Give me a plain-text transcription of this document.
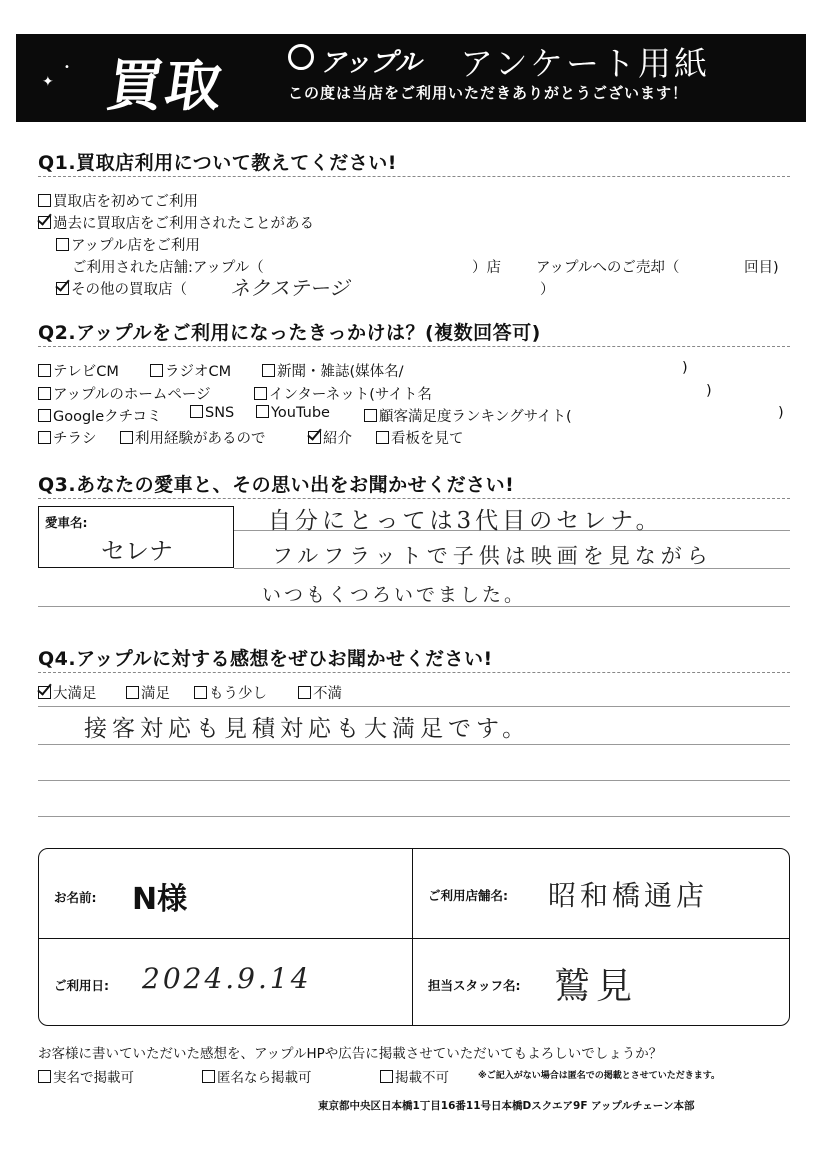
✦
• 買取	アップル アンケート用紙
この度は当店をご利用いただきありがとうございます！
Q1.買取店利用について教えてください!
買取店を初めてご利用
過去に買取店をご利用されたことがある
アップル店をご利用
ご利用された店舗:アップル（	）店 アップルへのご売却（	回目)
その他の買取店（ ネクステージ	）
Q2.アップルをご利用になったきっかけは？(複数回答可)
テレビCM	ラジオCM	新聞・雑誌(媒体名/	)
アップルのホームページ	インターネット(サイト名	)
Googleクチコミ	SNS	YouTube	顧客満足度ランキングサイト(	)
チラシ	利用経験があるので	紹介	看板を見て
Q3.あなたの愛車と、その思い出をお聞かせください!
愛車名:
セレナ
自分にとっては3代目のセレナ。
フルフラットで子供は映画を見ながら
いつもくつろいでました。
Q4.アップルに対する感想をぜひお聞かせください!
大満足	満足	もう少し	不満
接客対応も見積対応も大満足です。
お名前: N様	ご利用店舗名: 昭和橋通店
ご利用日: 2024.9.14	担当スタッフ名: 鷲見
お客様に書いていただいた感想を、アップルHPや広告に掲載させていただいてもよろしいでしょうか？
実名で掲載可	匿名なら掲載可	掲載不可	※ご記入がない場合は匿名での掲載とさせていただきます。
東京都中央区日本橋1丁目16番11号日本橋Dスクエア9F アップルチェーン本部
